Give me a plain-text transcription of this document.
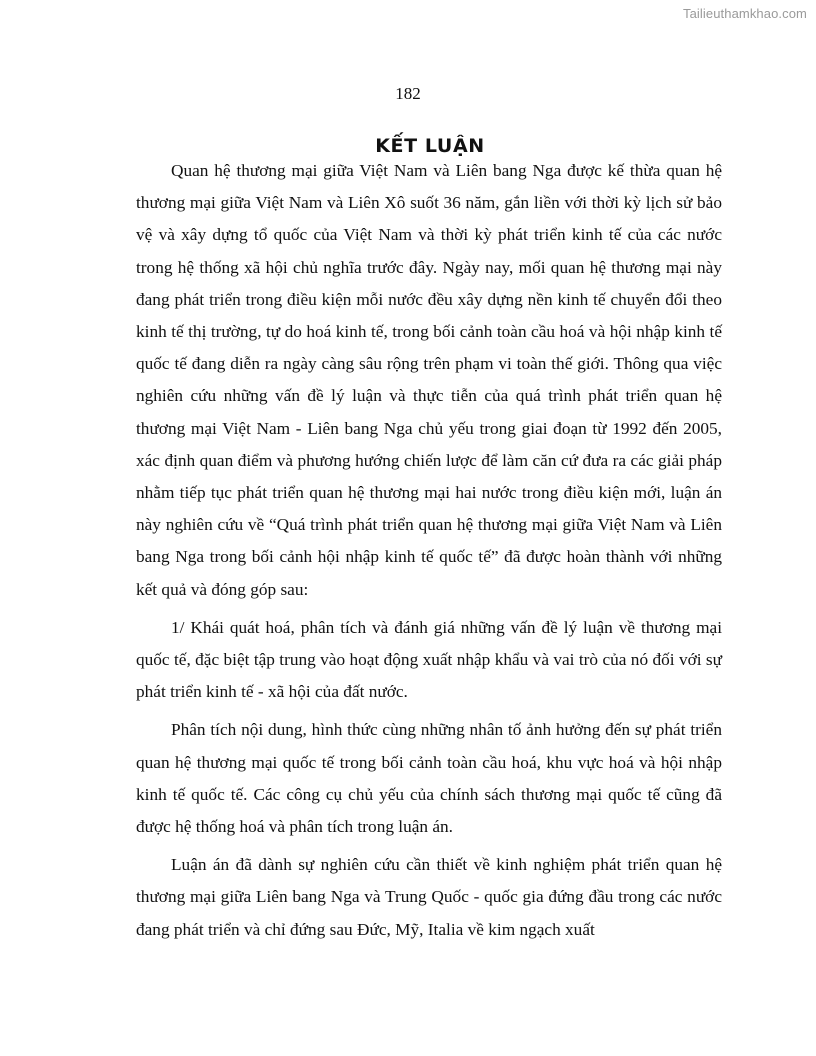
Tailieuthamkhao.com
182
KẾT LUẬN

Quan hệ thương mại giữa Việt Nam và Liên bang Nga được kế thừa quan hệ thương mại giữa Việt Nam và Liên Xô suốt 36 năm, gắn liền với thời kỳ lịch sử bảo vệ và xây dựng tổ quốc của Việt Nam và thời kỳ phát triển kinh tế của các nước trong hệ thống xã hội chủ nghĩa trước đây. Ngày nay, mối quan hệ thương mại này đang phát triển trong điều kiện mỗi nước đều xây dựng nền kinh tế chuyển đổi theo kinh tế thị trường, tự do hoá kinh tế, trong bối cảnh toàn cầu hoá và hội nhập kinh tế quốc tế đang diễn ra ngày càng sâu rộng trên phạm vi toàn thế giới. Thông qua việc nghiên cứu những vấn đề lý luận và thực tiễn của quá trình phát triển quan hệ thương mại Việt Nam - Liên bang Nga chủ yếu trong giai đoạn từ 1992 đến 2005, xác định quan điểm và phương hướng chiến lược để làm căn cứ đưa ra các giải pháp nhằm tiếp tục phát triển quan hệ thương mại hai nước trong điều kiện mới, luận án này nghiên cứu về “Quá trình phát triển quan hệ thương mại giữa Việt Nam và Liên bang Nga trong bối cảnh hội nhập kinh tế quốc tế” đã được hoàn thành với những kết quả và đóng góp sau:

1/ Khái quát hoá, phân tích và đánh giá những vấn đề lý luận về thương mại quốc tế, đặc biệt tập trung vào hoạt động xuất nhập khẩu và vai trò của nó đối với sự phát triển kinh tế - xã hội của đất nước.

Phân tích nội dung, hình thức cùng những nhân tố ảnh hưởng đến sự phát triển quan hệ thương mại quốc tế trong bối cảnh toàn cầu hoá, khu vực hoá và hội nhập kinh tế quốc tế. Các công cụ chủ yếu của chính sách thương mại quốc tế cũng đã được hệ thống hoá và phân tích trong luận án.

Luận án đã dành sự nghiên cứu cần thiết về kinh nghiệm phát triển quan hệ thương mại giữa Liên bang Nga và Trung Quốc - quốc gia đứng đầu trong các nước đang phát triển và chỉ đứng sau Đức, Mỹ, Italia về kim ngạch xuất
